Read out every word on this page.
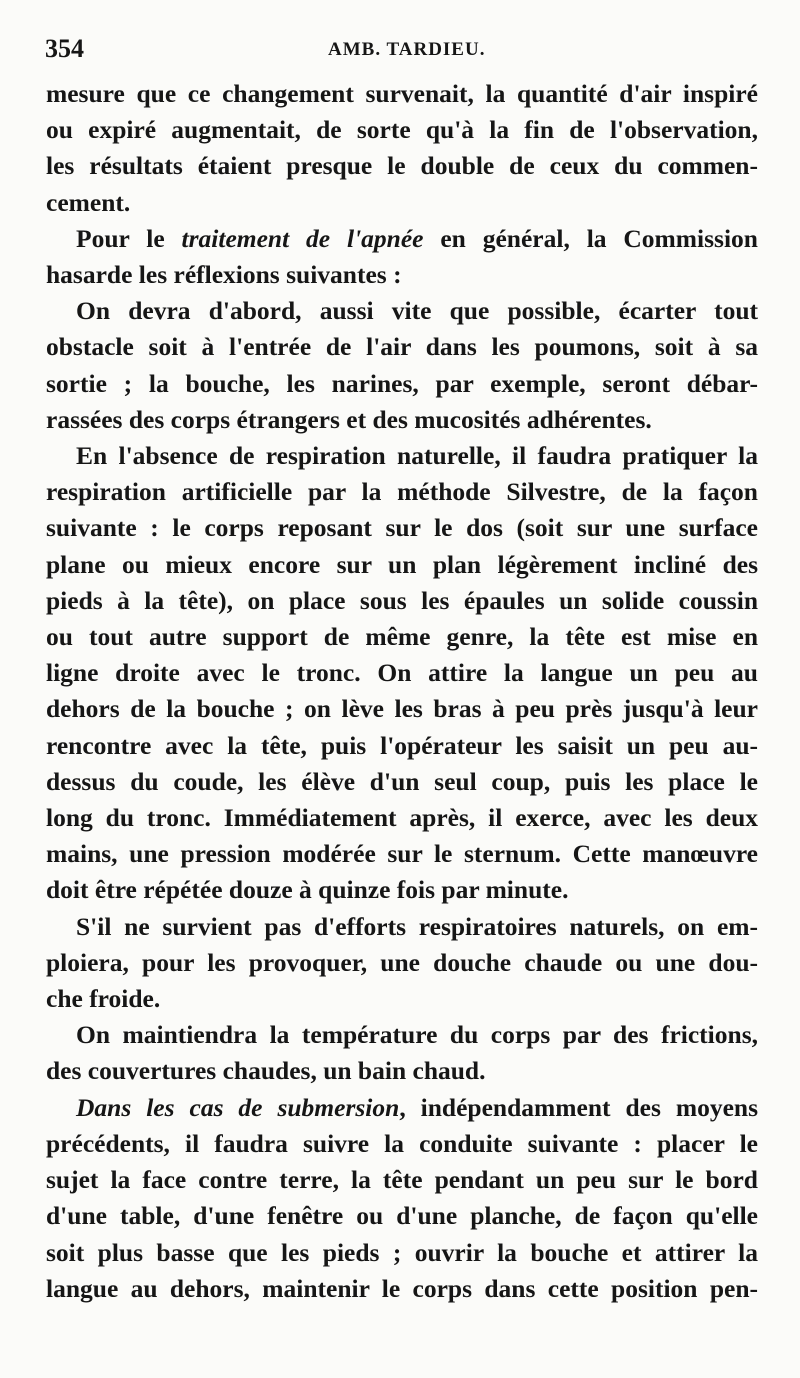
354	AMB. TARDIEU.

mesure que ce changement survenait, la quantité d'air inspiré

ou expiré augmentait, de sorte qu'à la fin de l'observation,

les résultats étaient presque le double de ceux du commen-

cement.

Pour le traitement de l'apnée en général, la Commission

hasarde les réflexions suivantes :

On devra d'abord, aussi vite que possible, écarter tout

obstacle soit à l'entrée de l'air dans les poumons, soit à sa

sortie ; la bouche, les narines, par exemple, seront débar-

rassées des corps étrangers et des mucosités adhérentes.

En l'absence de respiration naturelle, il faudra pratiquer la

respiration artificielle par la méthode Silvestre, de la façon

suivante : le corps reposant sur le dos (soit sur une surface

plane ou mieux encore sur un plan légèrement incliné des

pieds à la tête), on place sous les épaules un solide coussin

ou tout autre support de même genre, la tête est mise en

ligne droite avec le tronc. On attire la langue un peu au

dehors de la bouche ; on lève les bras à peu près jusqu'à leur

rencontre avec la tête, puis l'opérateur les saisit un peu au-

dessus du coude, les élève d'un seul coup, puis les place le

long du tronc. Immédiatement après, il exerce, avec les deux

mains, une pression modérée sur le sternum. Cette manœuvre

doit être répétée douze à quinze fois par minute.

S'il ne survient pas d'efforts respiratoires naturels, on em-

ploiera, pour les provoquer, une douche chaude ou une dou-

che froide.

On maintiendra la température du corps par des frictions,

des couvertures chaudes, un bain chaud.

Dans les cas de submersion, indépendamment des moyens

précédents, il faudra suivre la conduite suivante : placer le

sujet la face contre terre, la tête pendant un peu sur le bord

d'une table, d'une fenêtre ou d'une planche, de façon qu'elle

soit plus basse que les pieds ; ouvrir la bouche et attirer la

langue au dehors, maintenir le corps dans cette position pen-
